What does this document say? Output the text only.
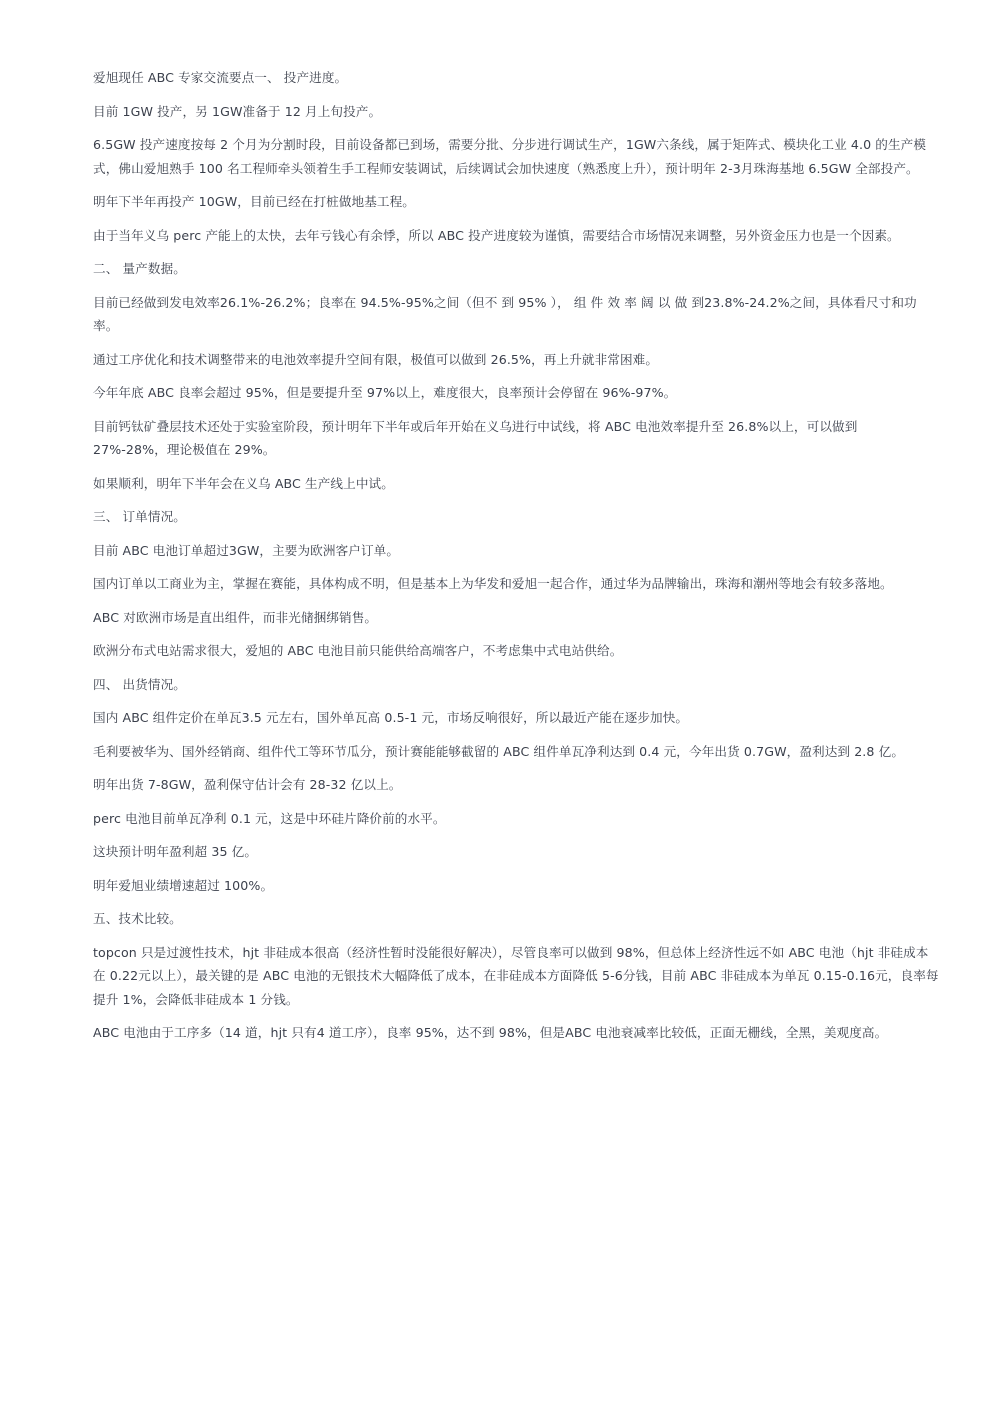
爱旭现任 ABC 专家交流要点一、 投产进度。

目前 1GW 投产，另 1GW准备于 12 月上旬投产。

6.5GW 投产速度按每 2 个月为分割时段，目前设备都已到场，需要分批、分步进行调试生产，1GW六条线，属于矩阵式、模块化工业 4.0 的生产模式，佛山爱旭熟手 100 名工程师牵头领着生手工程师安装调试，后续调试会加快速度（熟悉度上升），预计明年 2-3月珠海基地 6.5GW 全部投产。

明年下半年再投产 10GW，目前已经在打桩做地基工程。

由于当年义乌 perc 产能上的太快，去年亏钱心有余悸，所以 ABC 投产进度较为谨慎，需要结合市场情况来调整，另外资金压力也是一个因素。

二、 量产数据。

目前已经做到发电效率26.1%-26.2%；良率在 94.5%-95%之间（但不 到 95% ）， 组 件 效 率 阔 以 做 到23.8%-24.2%之间，具体看尺寸和功率。

通过工序优化和技术调整带来的电池效率提升空间有限，极值可以做到 26.5%，再上升就非常困难。

今年年底 ABC 良率会超过 95%，但是要提升至 97%以上，难度很大，良率预计会停留在 96%-97%。

目前钙钛矿叠层技术还处于实验室阶段，预计明年下半年或后年开始在义乌进行中试线，将 ABC 电池效率提升至 26.8%以上，可以做到
27%-28%，理论极值在 29%。

如果顺利，明年下半年会在义乌 ABC 生产线上中试。

三、 订单情况。

目前 ABC 电池订单超过3GW，主要为欧洲客户订单。

国内订单以工商业为主，掌握在赛能，具体构成不明，但是基本上为华发和爱旭一起合作，通过华为品牌输出，珠海和潮州等地会有较多落地。

ABC 对欧洲市场是直出组件，而非光储捆绑销售。

欧洲分布式电站需求很大，爱旭的 ABC 电池目前只能供给高端客户，不考虑集中式电站供给。

四、 出货情况。

国内 ABC 组件定价在单瓦3.5 元左右，国外单瓦高 0.5-1 元，市场反响很好，所以最近产能在逐步加快。

毛利要被华为、国外经销商、组件代工等环节瓜分，预计赛能能够截留的 ABC 组件单瓦净利达到 0.4 元，今年出货 0.7GW，盈利达到 2.8 亿。

明年出货 7-8GW，盈利保守估计会有 28-32 亿以上。

perc 电池目前单瓦净利 0.1 元，这是中环硅片降价前的水平。

这块预计明年盈利超 35 亿。

明年爱旭业绩增速超过 100%。

五、技术比较。

topcon 只是过渡性技术，hjt 非硅成本很高（经济性暂时没能很好解决），尽管良率可以做到 98%，但总体上经济性远不如 ABC 电池（hjt 非硅成本在 0.22元以上），最关键的是 ABC 电池的无银技术大幅降低了成本，在非硅成本方面降低 5-6分钱，目前 ABC 非硅成本为单瓦 0.15-0.16元，良率每提升 1%，会降低非硅成本 1 分钱。

ABC 电池由于工序多（14 道，hjt 只有4 道工序），良率 95%，达不到 98%，但是ABC 电池衰减率比较低，正面无栅线，全黑，美观度高。
